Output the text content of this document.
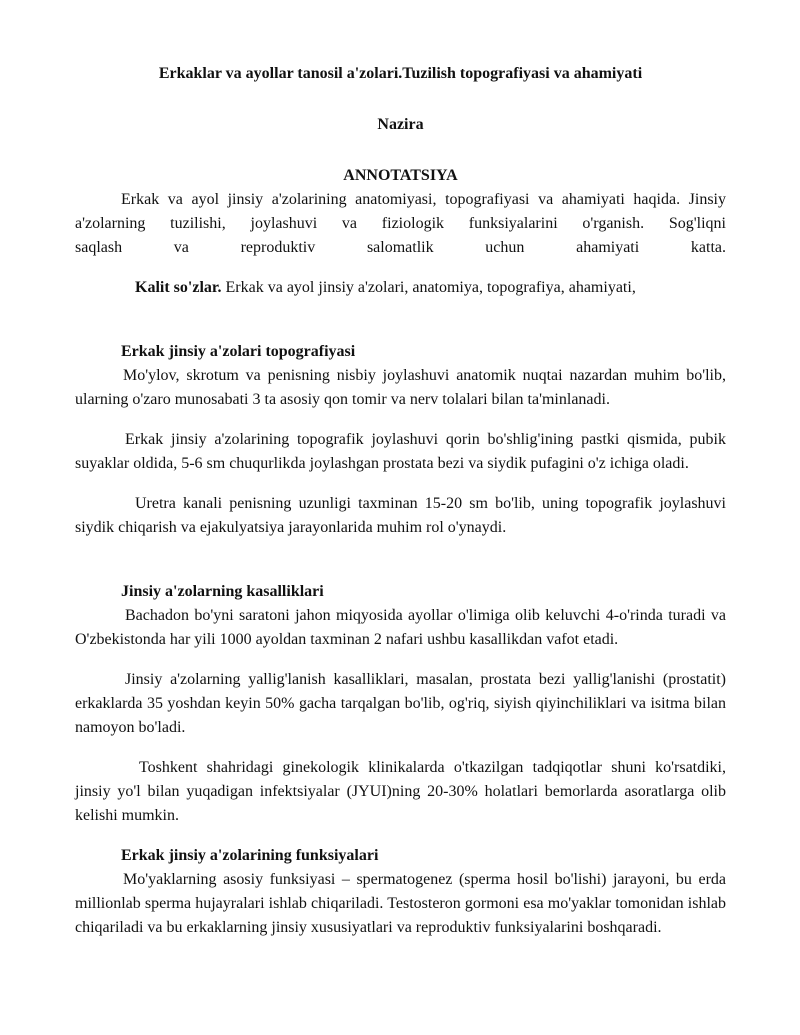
Erkaklar va ayollar tanosil a'zolari.Tuzilish topografiyasi va ahamiyati

Nazira

ANNOTATSIYA

Erkak va ayol jinsiy a'zolarining anatomiyasi, topografiyasi va ahamiyati haqida. Jinsiy a'zolarning tuzilishi, joylashuvi va fiziologik funksiyalarini o'rganish. Sog'liqni

saqlash va reproduktiv salomatlik uchun ahamiyati katta.

Kalit so'zlar. Erkak va ayol jinsiy a'zolari, anatomiya, topografiya, ahamiyati,

Erkak jinsiy a'zolari topografiyasi

Mo'ylov, skrotum va penisning nisbiy joylashuvi anatomik nuqtai nazardan muhim bo'lib, ularning o'zaro munosabati 3 ta asosiy qon tomir va nerv tolalari bilan ta'minlanadi.

Erkak jinsiy a'zolarining topografik joylashuvi qorin bo'shlig'ining pastki qismida, pubik suyaklar oldida, 5-6 sm chuqurlikda joylashgan prostata bezi va siydik pufagini o'z ichiga oladi.

Uretra kanali penisning uzunligi taxminan 15-20 sm bo'lib, uning topografik joylashuvi siydik chiqarish va ejakulyatsiya jarayonlarida muhim rol o'ynaydi.

Jinsiy a'zolarning kasalliklari

Bachadon bo'yni saratoni jahon miqyosida ayollar o'limiga olib keluvchi 4-o'rinda turadi va O'zbekistonda har yili 1000 ayoldan taxminan 2 nafari ushbu kasallikdan vafot etadi.

Jinsiy a'zolarning yallig'lanish kasalliklari, masalan, prostata bezi yallig'lanishi (prostatit) erkaklarda 35 yoshdan keyin 50% gacha tarqalgan bo'lib, og'riq, siyish qiyinchiliklari va isitma bilan namoyon bo'ladi.

Toshkent shahridagi ginekologik klinikalarda o'tkazilgan tadqiqotlar shuni ko'rsatdiki, jinsiy yo'l bilan yuqadigan infektsiyalar (JYUI)ning 20-30% holatlari bemorlarda asoratlarga olib kelishi mumkin.

Erkak jinsiy a'zolarining funksiyalari

Mo'yaklarning asosiy funksiyasi – spermatogenez (sperma hosil bo'lishi) jarayoni, bu erda millionlab sperma hujayralari ishlab chiqariladi. Testosteron gormoni esa mo'yaklar tomonidan ishlab chiqariladi va bu erkaklarning jinsiy xususiyatlari va reproduktiv funksiyalarini boshqaradi.
